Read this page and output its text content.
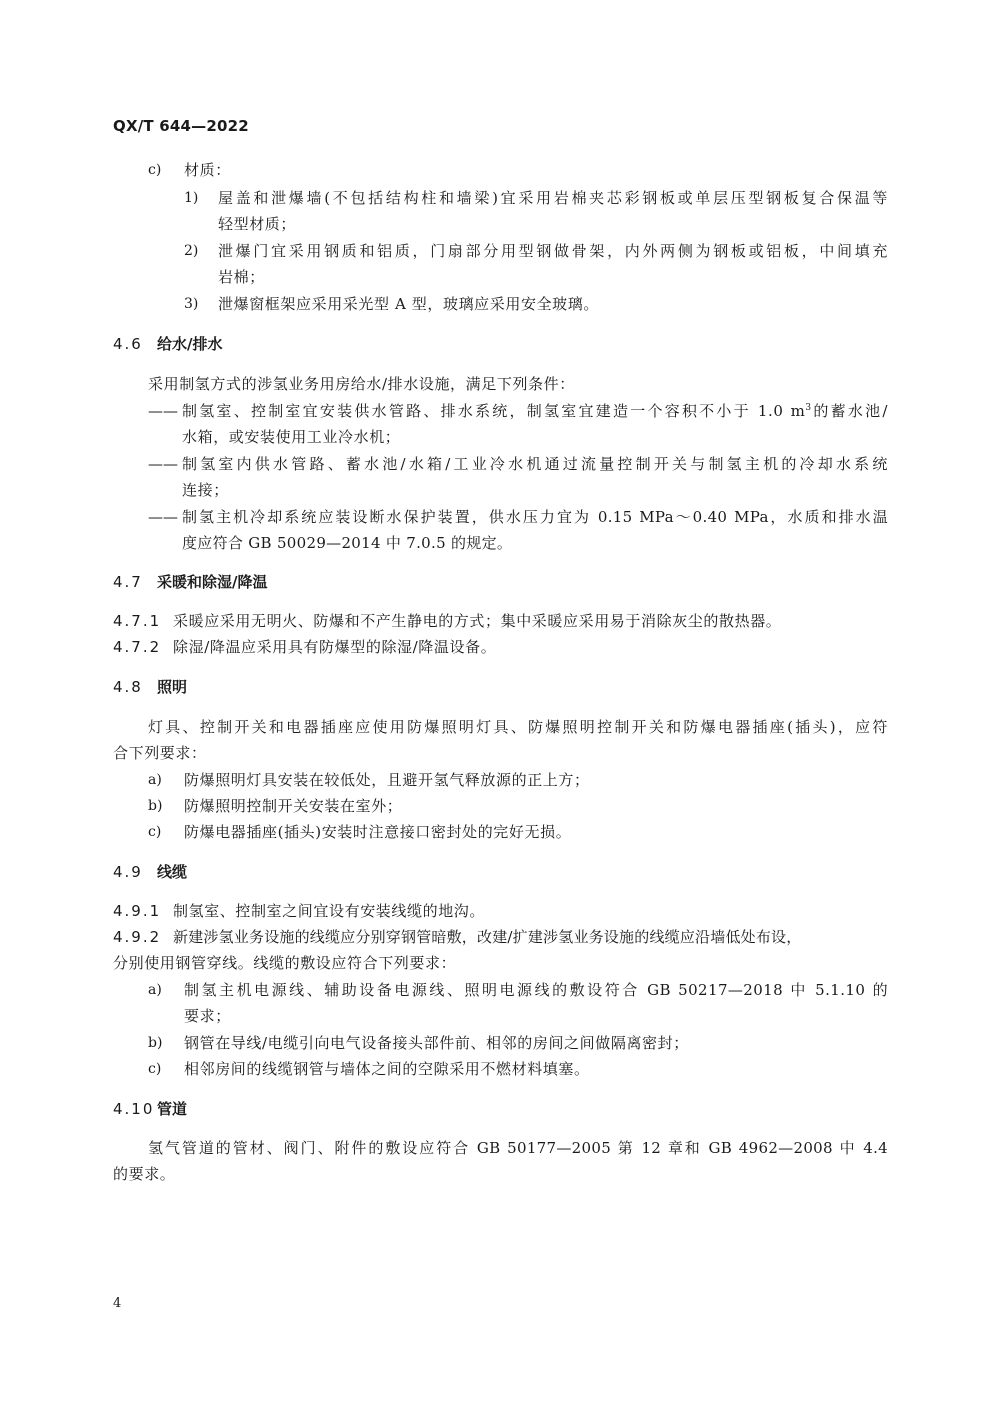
QX/T 644—2022
c) 材质：
1) 屋盖和泄爆墙(不包括结构柱和墙梁)宜采用岩棉夹芯彩钢板或单层压型钢板复合保温等
轻型材质；
2) 泄爆门宜采用钢质和铝质，门扇部分用型钢做骨架，内外两侧为钢板或铝板，中间填充
岩棉；
3) 泄爆窗框架应采用采光型 A 型，玻璃应采用安全玻璃。
4.6 给水/排水
采用制氢方式的涉氢业务用房给水/排水设施，满足下列条件：
—— 制氢室、控制室宜安装供水管路、排水系统，制氢室宜建造一个容积不小于 1.0 $m^3$的蓄水池/
水箱，或安装使用工业冷水机；
—— 制氢室内供水管路、蓄水池/水箱/工业冷水机通过流量控制开关与制氢主机的冷却水系统
连接；
—— 制氢主机冷却系统应装设断水保护装置，供水压力宜为 0.15 MPa～0.40 MPa，水质和排水温
度应符合 GB 50029—2014 中 7.0.5 的规定。
4.7 采暖和除湿/降温
4.7.1 采暖应采用无明火、防爆和不产生静电的方式；集中采暖应采用易于消除灰尘的散热器。
4.7.2 除湿/降温应采用具有防爆型的除湿/降温设备。
4.8 照明
灯具、控制开关和电器插座应使用防爆照明灯具、防爆照明控制开关和防爆电器插座(插头)，应符
合下列要求：
a) 防爆照明灯具安装在较低处，且避开氢气释放源的正上方；
b) 防爆照明控制开关安装在室外；
c) 防爆电器插座(插头)安装时注意接口密封处的完好无损。
4.9 线缆
4.9.1 制氢室、控制室之间宜设有安装线缆的地沟。
4.9.2 新建涉氢业务设施的线缆应分别穿钢管暗敷，改建/扩建涉氢业务设施的线缆应沿墙低处布设，
分别使用钢管穿线。线缆的敷设应符合下列要求：
a) 制氢主机电源线、辅助设备电源线、照明电源线的敷设符合 GB 50217—2018 中 5.1.10 的
要求；
b) 钢管在导线/电缆引向电气设备接头部件前、相邻的房间之间做隔离密封；
c) 相邻房间的线缆钢管与墙体之间的空隙采用不燃材料填塞。
4.10 管道
氢气管道的管材、阀门、附件的敷设应符合 GB 50177—2005 第 12 章和 GB 4962—2008 中 4.4
的要求。
4
